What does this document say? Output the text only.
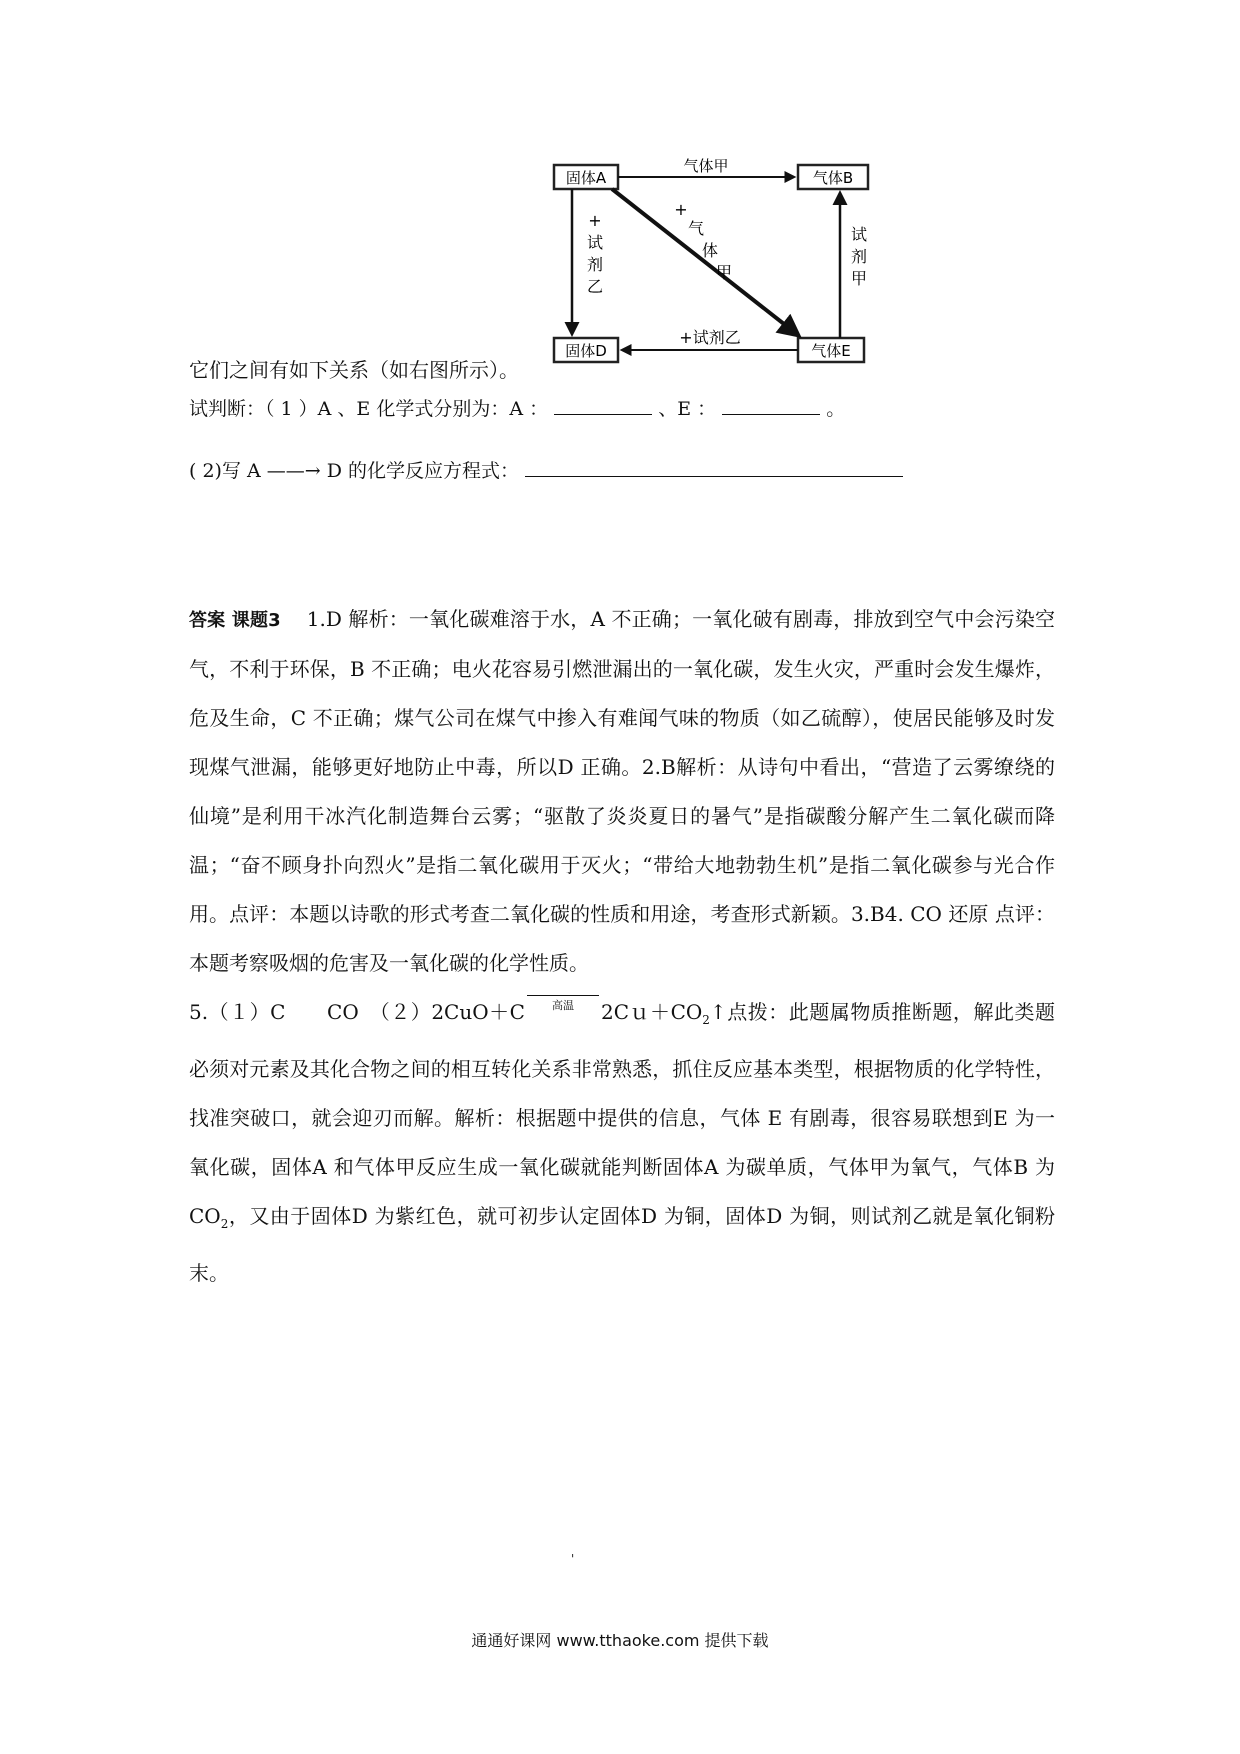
固体A	气体B
固体D	气体E
气体甲
+
试
剂
乙
+
气
体
甲
试
剂
甲
+试剂乙
它们之间有如下关系（如右图所示）。
试判断：（ 1 ）A 、E 化学式分别为：A ：	、E ：	。
( 2)写 A ——→ D 的化学反应方程式：

答案 课题3 1.D 解析：一氧化碳难溶于水，A 不正确；一氧化破有剧毒，排放到空气中会污染空气，不利于环保，B 不正确；电火花容易引燃泄漏出的一氧化碳，发生火灾，严重时会发生爆炸，危及生命，C 不正确；煤气公司在煤气中掺入有难闻气味的物质（如乙硫醇），使居民能够及时发现煤气泄漏，能够更好地防止中毒，所以D 正确。2.B解析：从诗句中看出，“营造了云雾缭绕的仙境”是利用干冰汽化制造舞台云雾；“驱散了炎炎夏日的暑气”是指碳酸分解产生二氧化碳而降温；“奋不顾身扑向烈火”是指二氧化碳用于灭火；“带给大地勃勃生机”是指二氧化碳参与光合作用。点评：本题以诗歌的形式考查二氧化碳的性质和用途，考查形式新颖。3.B4. CO 还原 点评：本题考察吸烟的危害及一氧化碳的化学性质。

5.（１）C　　CO　（２）2CuO＋C	高温	$2Cu+CO_2↑$点拨：此题属物质推断题，解此类题必须对元素及其化合物之间的相互转化关系非常熟悉，抓住反应基本类型，根据物质的化学特性，找准突破口，就会迎刃而解。解析：根据题中提供的信息，气体 E 有剧毒，很容易联想到E 为一氧化碳，固体A 和气体甲反应生成一氧化碳就能判断固体A 为碳单质，气体甲为氧气，气体B 为$CO_2$，又由于固体D 为紫红色，就可初步认定固体D 为铜，固体D 为铜，则试剂乙就是氧化铜粉末。

'
通通好课网 www.tthaoke.com 提供下载
